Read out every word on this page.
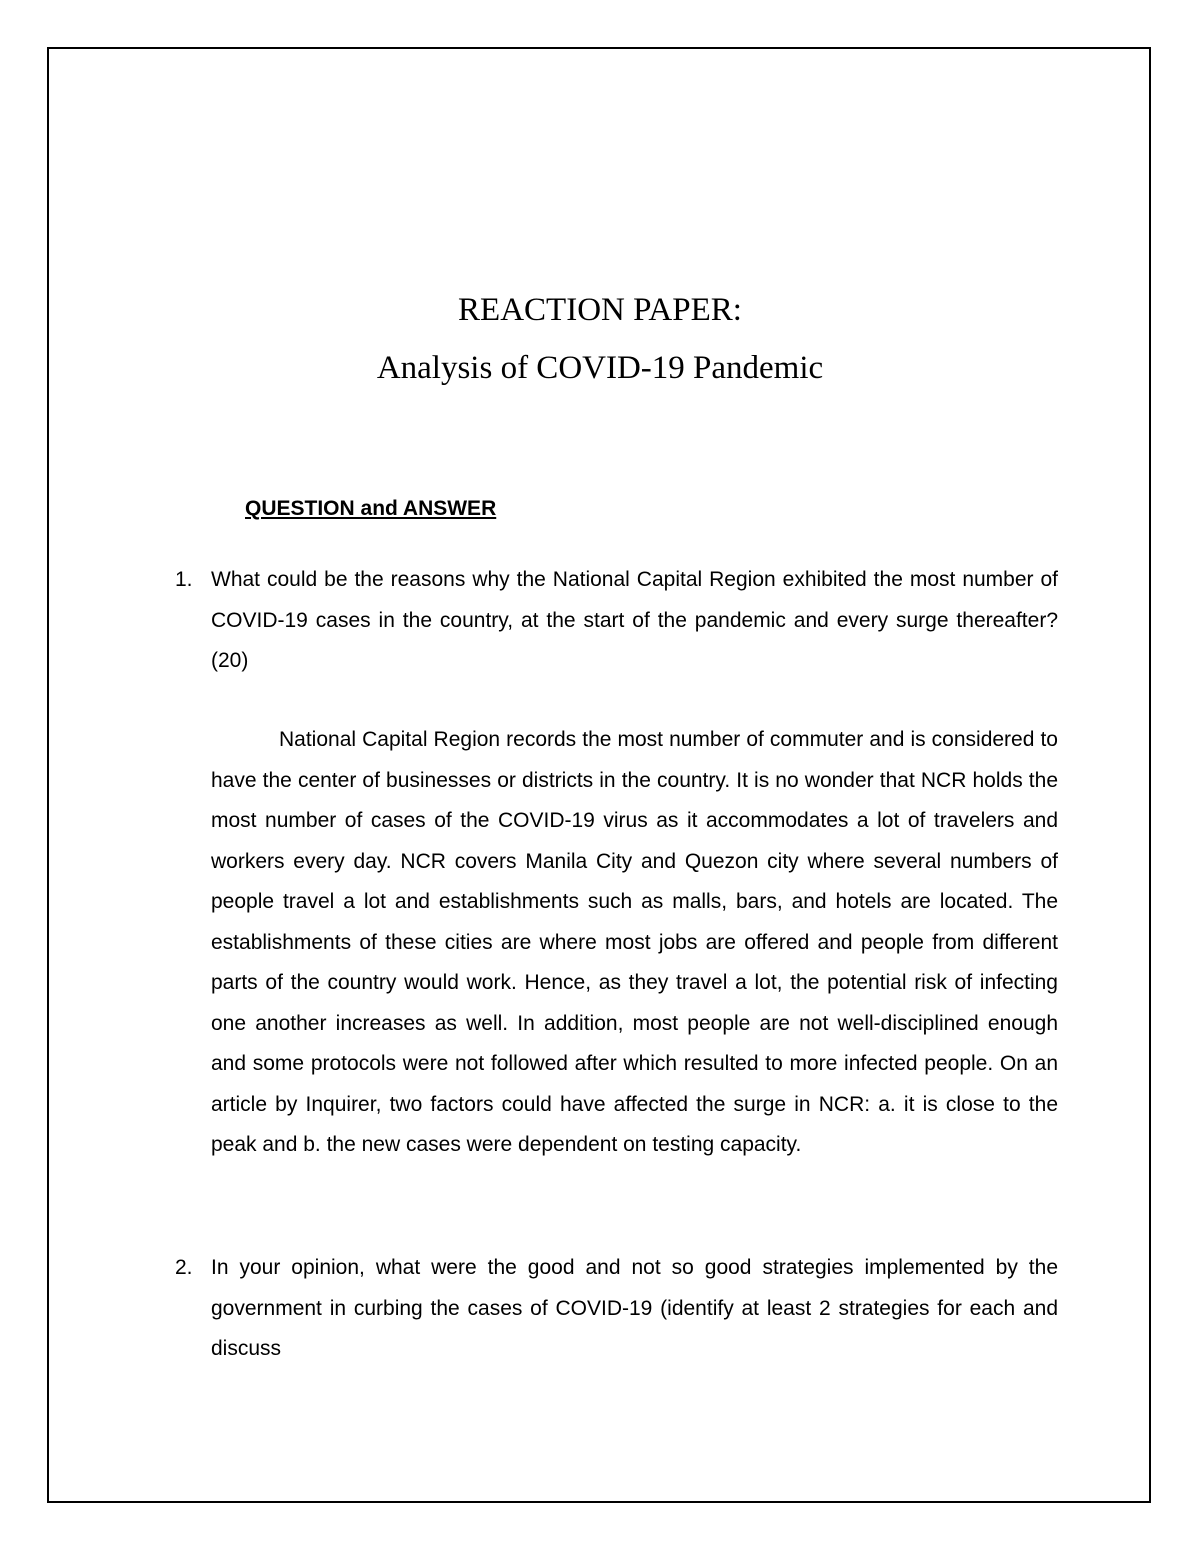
REACTION PAPER:
Analysis of COVID-19 Pandemic
QUESTION and ANSWER
1. What could be the reasons why the National Capital Region exhibited the most number of COVID-19 cases in the country, at the start of the pandemic and every surge thereafter? (20)
National Capital Region records the most number of commuter and is considered to have the center of businesses or districts in the country. It is no wonder that NCR holds the most number of cases of the COVID-19 virus as it accommodates a lot of travelers and workers every day. NCR covers Manila City and Quezon city where several numbers of people travel a lot and establishments such as malls, bars, and hotels are located. The establishments of these cities are where most jobs are offered and people from different parts of the country would work. Hence, as they travel a lot, the potential risk of infecting one another increases as well. In addition, most people are not well-disciplined enough and some protocols were not followed after which resulted to more infected people. On an article by Inquirer, two factors could have affected the surge in NCR: a. it is close to the peak and b. the new cases were dependent on testing capacity.
2. In your opinion, what were the good and not so good strategies implemented by the government in curbing the cases of COVID-19 (identify at least 2 strategies for each and discuss
